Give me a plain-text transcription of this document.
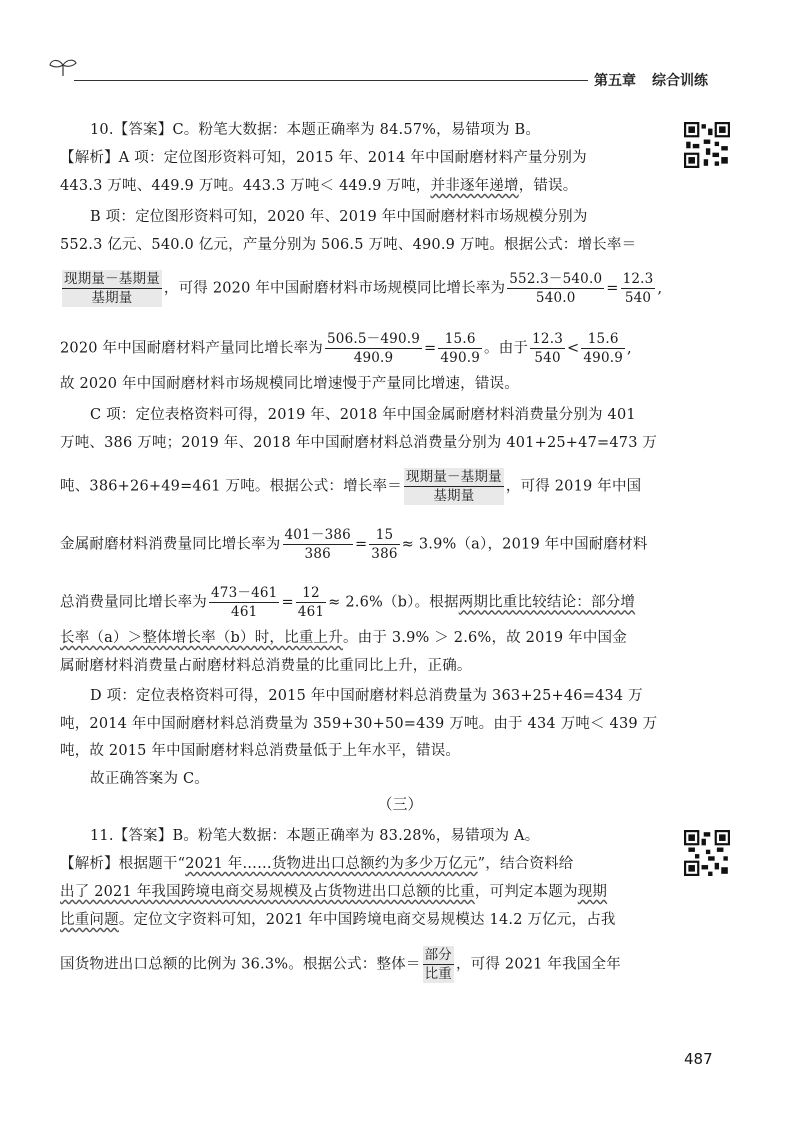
第五章 综合训练
10.【答案】C。粉笔大数据：本题正确率为 84.57%，易错项为 B。
【解析】A 项：定位图形资料可知，2015 年、2014 年中国耐磨材料产量分别为
443.3 万吨、449.9 万吨。443.3 万吨＜ 449.9 万吨，并非逐年递增，错误。
B 项：定位图形资料可知，2020 年、2019 年中国耐磨材料市场规模分别为
552.3 亿元、540.0 亿元，产量分别为 506.5 万吨、490.9 万吨。根据公式：增长率＝
$\frac{\text{现期量－基期量}}{\text{基期量}}$ ，可得 2020 年中国耐磨材料市场规模同比增长率为 $\frac{552.3-540.0}{540.0} = \frac{12.3}{540}$ ,
2020 年中国耐磨材料产量同比增长率为 $\frac{506.5-490.9}{490.9} = \frac{15.6}{490.9}$ 。由于 $\frac{12.3}{540} < \frac{15.6}{490.9}$ ,
故 2020 年中国耐磨材料市场规模同比增速慢于产量同比增速，错误。
C 项：定位表格资料可得，2019 年、2018 年中国金属耐磨材料消费量分别为 401
万吨、386 万吨；2019 年、2018 年中国耐磨材料总消费量分别为 401+25+47=473 万
吨、386+26+49=461 万吨。根据公式：增长率＝ $\frac{\text{现期量－基期量}}{\text{基期量}}$ ，可得 2019 年中国
金属耐磨材料消费量同比增长率为 $\frac{401-386}{386} = \frac{15}{386} \approx 3.9\%(a)$，2019 年中国耐磨材料
总消费量同比增长率为 $\frac{473-461}{461} = \frac{12}{461} \approx 2.6\%(b)$。根据两期比重比较结论：部分增
长率（a）＞整体增长率（b）时，比重上升。由于 3.9% ＞ 2.6%，故 2019 年中国金
属耐磨材料消费量占耐磨材料总消费量的比重同比上升，正确。
D 项：定位表格资料可得，2015 年中国耐磨材料总消费量为 363+25+46=434 万
吨，2014 年中国耐磨材料总消费量为 359+30+50=439 万吨。由于 434 万吨＜ 439 万
吨，故 2015 年中国耐磨材料总消费量低于上年水平，错误。
故正确答案为 C。
（三）
11.【答案】B。粉笔大数据：本题正确率为 83.28%，易错项为 A。
【解析】根据题干“2021 年……货物进出口总额约为多少万亿元”，结合资料给
出了 2021 年我国跨境电商交易规模及占货物进出口总额的比重，可判定本题为现期
比重问题。定位文字资料可知，2021 年中国跨境电商交易规模达 14.2 万亿元，占我
国货物进出口总额的比例为 36.3%。根据公式：整体＝ $\frac{\text{部分}}{\text{比重}}$ ，可得 2021 年我国全年
487
